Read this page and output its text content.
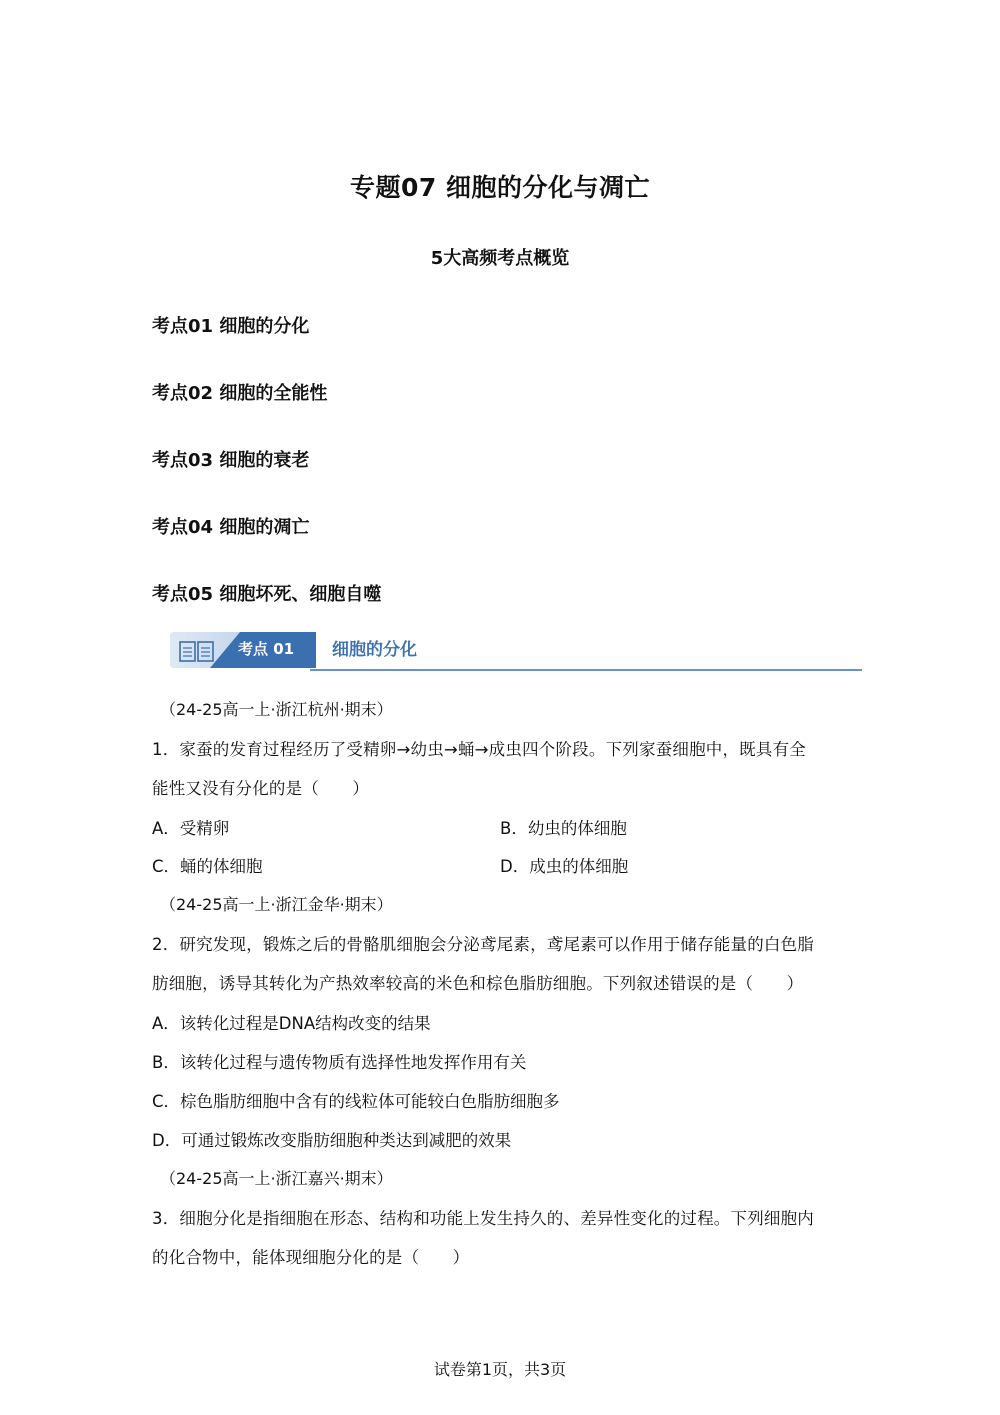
专题07 细胞的分化与凋亡
5大高频考点概览
考点01 细胞的分化
考点02 细胞的全能性
考点03 细胞的衰老
考点04 细胞的凋亡
考点05 细胞坏死、细胞自噬
考点 01 细胞的分化
（24-25高一上·浙江杭州·期末）
1．家蚕的发育过程经历了受精卵→幼虫→蛹→成虫四个阶段。下列家蚕细胞中，既具有全
能性又没有分化的是（　　）
A．受精卵	B．幼虫的体细胞
C．蛹的体细胞	D．成虫的体细胞
（24-25高一上·浙江金华·期末）
2．研究发现，锻炼之后的骨骼肌细胞会分泌鸢尾素，鸢尾素可以作用于储存能量的白色脂
肪细胞，诱导其转化为产热效率较高的米色和棕色脂肪细胞。下列叙述错误的是（　　）
A．该转化过程是DNA结构改变的结果
B．该转化过程与遗传物质有选择性地发挥作用有关
C．棕色脂肪细胞中含有的线粒体可能较白色脂肪细胞多
D．可通过锻炼改变脂肪细胞种类达到减肥的效果
（24-25高一上·浙江嘉兴·期末）
3．细胞分化是指细胞在形态、结构和功能上发生持久的、差异性变化的过程。下列细胞内
的化合物中，能体现细胞分化的是（　　）
试卷第1页，共3页
